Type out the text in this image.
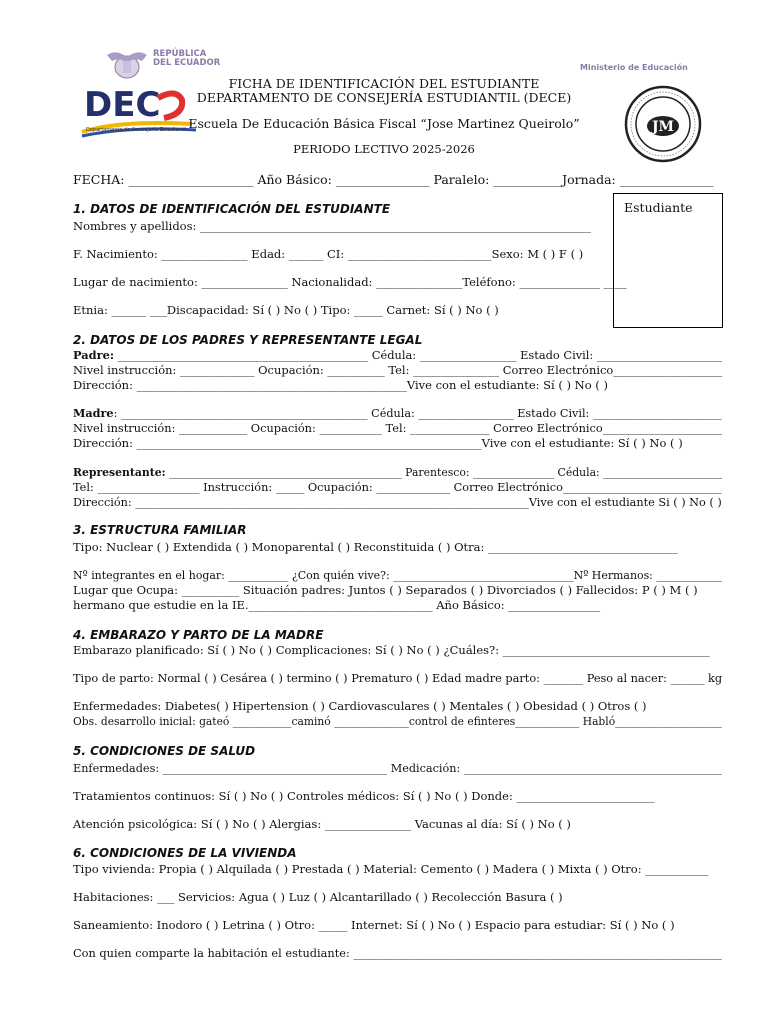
REPÚBLICA
DEL ECUADOR	Ministerio de Educación
DEC
Departamento de Consejería Estudiantil	JM
FICHA DE IDENTIFICACIÓN DEL ESTUDIANTE
DEPARTAMENTO DE CONSEJERÍA ESTUDIANTIL (DECE)
Escuela De Educación Básica Fiscal “Jose Martinez Queirolo”
PERIODO LECTIVO 2025-2026
FECHA: ____________________ Año Básico: _______________ Paralelo: ___________Jornada: _______________
Estudiante
1. DATOS DE IDENTIFICACIÓN DEL ESTUDIANTE
Nombres y apellidos: ____________________________________________________________________
F. Nacimiento: _______________ Edad: ______ CI: _________________________Sexo: M ( ) F ( )
Lugar de nacimiento: _______________ Nacionalidad: _______________Teléfono: ______________ ____
Etnia: ______ ___Discapacidad: Sí ( ) No ( ) Tipo: _____ Carnet: Sí ( ) No ( )
2. DATOS DE LOS PADRES Y REPRESENTANTE LEGAL
Padre: ____________________________________________ Cédula: _________________ Estado Civil: ______________________
Nivel instrucción: _____________ Ocupación: __________ Tel: _______________ Correo Electrónico___________________
Dirección: _______________________________________________Vive con el estudiante: Sí ( ) No ( )
Madre: ____________________________________________ Cédula: _________________ Estado Civil: _______________________
Nivel instrucción: ____________ Ocupación: ___________ Tel: ______________ Correo Electrónico_____________________
Dirección: ____________________________________________________________Vive con el estudiante: Sí ( ) No ( )
Representante: ___________________________________________ Parentesco: _______________ Cédula: ______________________
Tel: __________________ Instrucción: _____ Ocupación: _____________ Correo Electrónico____________________________
Dirección: ______________________________________________________________________Vive con el estudiante Si ( ) No ( )
3. ESTRUCTURA FAMILIAR
Tipo: Nuclear ( ) Extendida ( ) Monoparental ( ) Reconstituida ( ) Otra: _________________________________
Nº integrantes en el hogar: ___________ ¿Con quién vive?: _________________________________Nº Hermanos: ____________
Lugar que Ocupa: __________ Situación padres: Juntos ( ) Separados ( ) Divorciados ( ) Fallecidos: P ( ) M ( )
hermano que estudie en la IE.________________________________ Año Básico: ________________
4. EMBARAZO Y PARTO DE LA MADRE
Embarazo planificado: Sí ( ) No ( ) Complicaciones: Sí ( ) No ( ) ¿Cuáles?: ____________________________________
Tipo de parto: Normal ( ) Cesárea ( ) termino ( ) Prematuro ( ) Edad madre parto: _______ Peso al nacer: ______ kg
Enfermedades: Diabetes( ) Hipertension ( ) Cardiovasculares ( ) Mentales ( ) Obesidad ( ) Otros ( )
Obs. desarrollo inicial: gateó ___________caminó ______________control de efinteres____________ Habló____________________
5. CONDICIONES DE SALUD
Enfermedades: ________________________________________ Medicación: ______________________________________________
Tratamientos continuos: Sí ( ) No ( ) Controles médicos: Sí ( ) No ( ) Donde: ________________________
Atención psicológica: Sí ( ) No ( ) Alergias: _______________ Vacunas al día: Sí ( ) No ( )
6. CONDICIONES DE LA VIVIENDA
Tipo vivienda: Propia ( ) Alquilada ( ) Prestada ( ) Material: Cemento ( ) Madera ( ) Mixta ( ) Otro: ___________
Habitaciones: ___ Servicios: Agua ( ) Luz ( ) Alcantarillado ( ) Recolección Basura ( )
Saneamiento: Inodoro ( ) Letrina ( ) Otro: _____ Internet: Sí ( ) No ( ) Espacio para estudiar: Sí ( ) No ( )
Con quien comparte la habitación el estudiante: _________________________________________________________________
